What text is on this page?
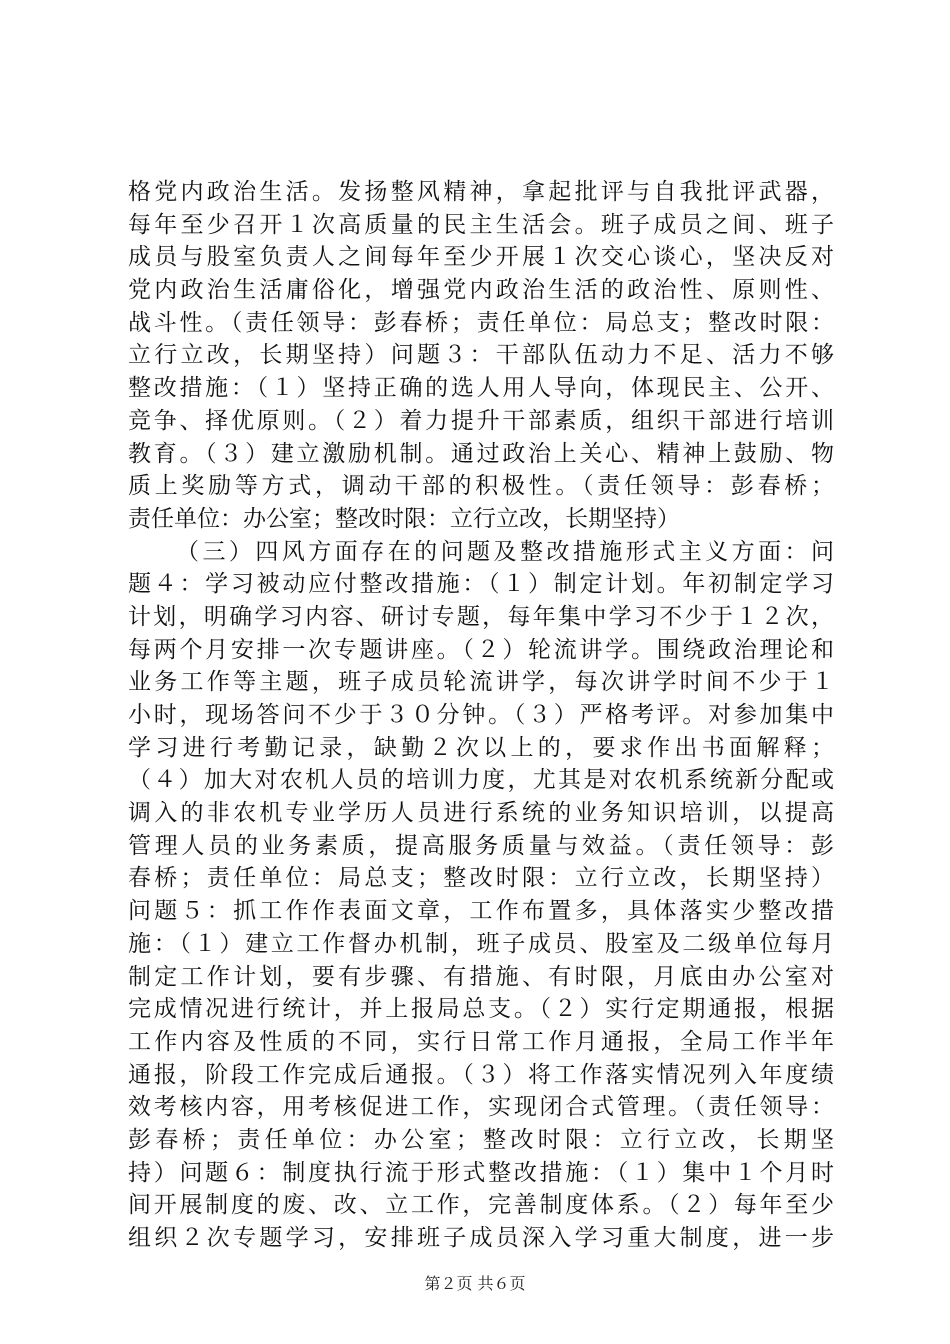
格党内政治生活。发扬整风精神，拿起批评与自我批评武器，
每年至少召开１次高质量的民主生活会。班子成员之间、班子
成员与股室负责人之间每年至少开展１次交心谈心，坚决反对
党内政治生活庸俗化，增强党内政治生活的政治性、原则性、
战斗性。（责任领导：彭春桥；责任单位：局总支；整改时限：
立行立改，长期坚持）问题３：干部队伍动力不足、活力不够
整改措施：（１）坚持正确的选人用人导向，体现民主、公开、
竞争、择优原则。（２）着力提升干部素质，组织干部进行培训
教育。（３）建立激励机制。通过政治上关心、精神上鼓励、物
质上奖励等方式，调动干部的积极性。（责任领导：彭春桥；
责任单位：办公室；整改时限：立行立改，长期坚持）
（三）四风方面存在的问题及整改措施形式主义方面：问
题４：学习被动应付整改措施：（１）制定计划。年初制定学习
计划，明确学习内容、研讨专题，每年集中学习不少于１２次，
每两个月安排一次专题讲座。（２）轮流讲学。围绕政治理论和
业务工作等主题，班子成员轮流讲学，每次讲学时间不少于１
小时，现场答问不少于３０分钟。（３）严格考评。对参加集中
学习进行考勤记录，缺勤２次以上的，要求作出书面解释；
（４）加大对农机人员的培训力度，尤其是对农机系统新分配或
调入的非农机专业学历人员进行系统的业务知识培训，以提高
管理人员的业务素质，提高服务质量与效益。（责任领导：彭
春桥；责任单位：局总支；整改时限：立行立改，长期坚持）
问题５：抓工作作表面文章，工作布置多，具体落实少整改措
施：（１）建立工作督办机制，班子成员、股室及二级单位每月
制定工作计划，要有步骤、有措施、有时限，月底由办公室对
完成情况进行统计，并上报局总支。（２）实行定期通报，根据
工作内容及性质的不同，实行日常工作月通报，全局工作半年
通报，阶段工作完成后通报。（３）将工作落实情况列入年度绩
效考核内容，用考核促进工作，实现闭合式管理。（责任领导：
彭春桥；责任单位：办公室；整改时限：立行立改，长期坚
持）问题６：制度执行流于形式整改措施：（１）集中１个月时
间开展制度的废、改、立工作，完善制度体系。（２）每年至少
组织２次专题学习，安排班子成员深入学习重大制度，进一步
第２页 共６页
